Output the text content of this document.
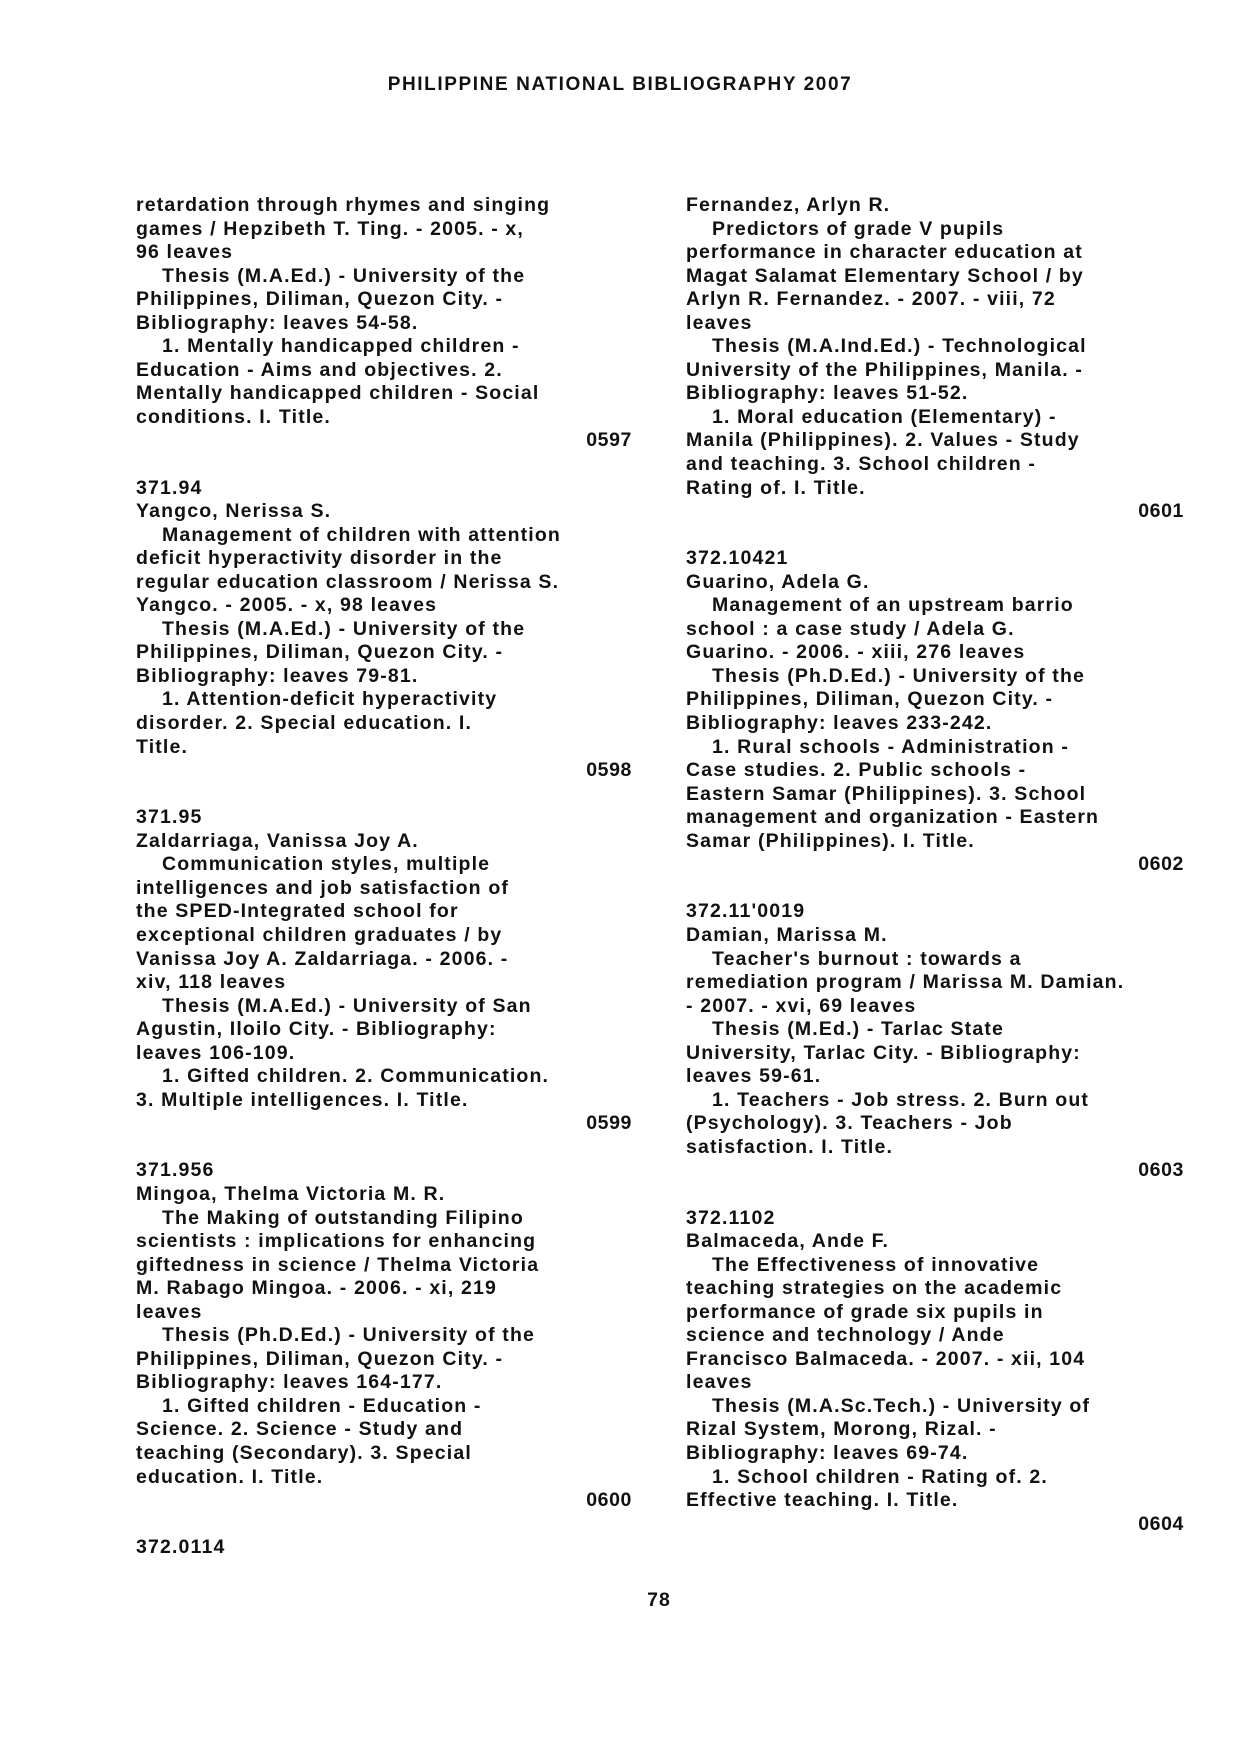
PHILIPPINE NATIONAL BIBLIOGRAPHY 2007

retardation through rhymes and singing

games / Hepzibeth T. Ting. - 2005. - x,

96 leaves

Thesis (M.A.Ed.) - University of the

Philippines, Diliman, Quezon City. -

Bibliography: leaves 54-58.

1. Mentally handicapped children -

Education - Aims and objectives. 2.

Mentally handicapped children - Social

conditions. I. Title.

0597

371.94

Yangco, Nerissa S.

Management of children with attention

deficit hyperactivity disorder in the

regular education classroom / Nerissa S.

Yangco. - 2005. - x, 98 leaves

Thesis (M.A.Ed.) - University of the

Philippines, Diliman, Quezon City. -

Bibliography: leaves 79-81.

1. Attention-deficit hyperactivity

disorder. 2. Special education. I.

Title.

0598

371.95

Zaldarriaga, Vanissa Joy A.

Communication styles, multiple

intelligences and job satisfaction of

the SPED-Integrated school for

exceptional children graduates / by

Vanissa Joy A. Zaldarriaga. - 2006. -

xiv, 118 leaves

Thesis (M.A.Ed.) - University of San

Agustin, Iloilo City. - Bibliography:

leaves 106-109.

1. Gifted children. 2. Communication.

3. Multiple intelligences. I. Title.

0599

371.956

Mingoa, Thelma Victoria M. R.

The Making of outstanding Filipino

scientists : implications for enhancing

giftedness in science / Thelma Victoria

M. Rabago Mingoa. - 2006. - xi, 219

leaves

Thesis (Ph.D.Ed.) - University of the

Philippines, Diliman, Quezon City. -

Bibliography: leaves 164-177.

1. Gifted children - Education -

Science. 2. Science - Study and

teaching (Secondary). 3. Special

education. I. Title.

0600

372.0114

Fernandez, Arlyn R.

Predictors of grade V pupils

performance in character education at

Magat Salamat Elementary School / by

Arlyn R. Fernandez. - 2007. - viii, 72

leaves

Thesis (M.A.Ind.Ed.) - Technological

University of the Philippines, Manila. -

Bibliography: leaves 51-52.

1. Moral education (Elementary) -

Manila (Philippines). 2. Values - Study

and teaching. 3. School children -

Rating of. I. Title.

0601

372.10421

Guarino, Adela G.

Management of an upstream barrio

school : a case study / Adela G.

Guarino. - 2006. - xiii, 276 leaves

Thesis (Ph.D.Ed.) - University of the

Philippines, Diliman, Quezon City. -

Bibliography: leaves 233-242.

1. Rural schools - Administration -

Case studies. 2. Public schools -

Eastern Samar (Philippines). 3. School

management and organization - Eastern

Samar (Philippines). I. Title.

0602

372.11'0019

Damian, Marissa M.

Teacher's burnout : towards a

remediation program / Marissa M. Damian.

- 2007. - xvi, 69 leaves

Thesis (M.Ed.) - Tarlac State

University, Tarlac City. - Bibliography:

leaves 59-61.

1. Teachers - Job stress. 2. Burn out

(Psychology). 3. Teachers - Job

satisfaction. I. Title.

0603

372.1102

Balmaceda, Ande F.

The Effectiveness of innovative

teaching strategies on the academic

performance of grade six pupils in

science and technology / Ande

Francisco Balmaceda. - 2007. - xii, 104

leaves

Thesis (M.A.Sc.Tech.) - University of

Rizal System, Morong, Rizal. -

Bibliography: leaves 69-74.

1. School children - Rating of. 2.

Effective teaching. I. Title.

0604

78
